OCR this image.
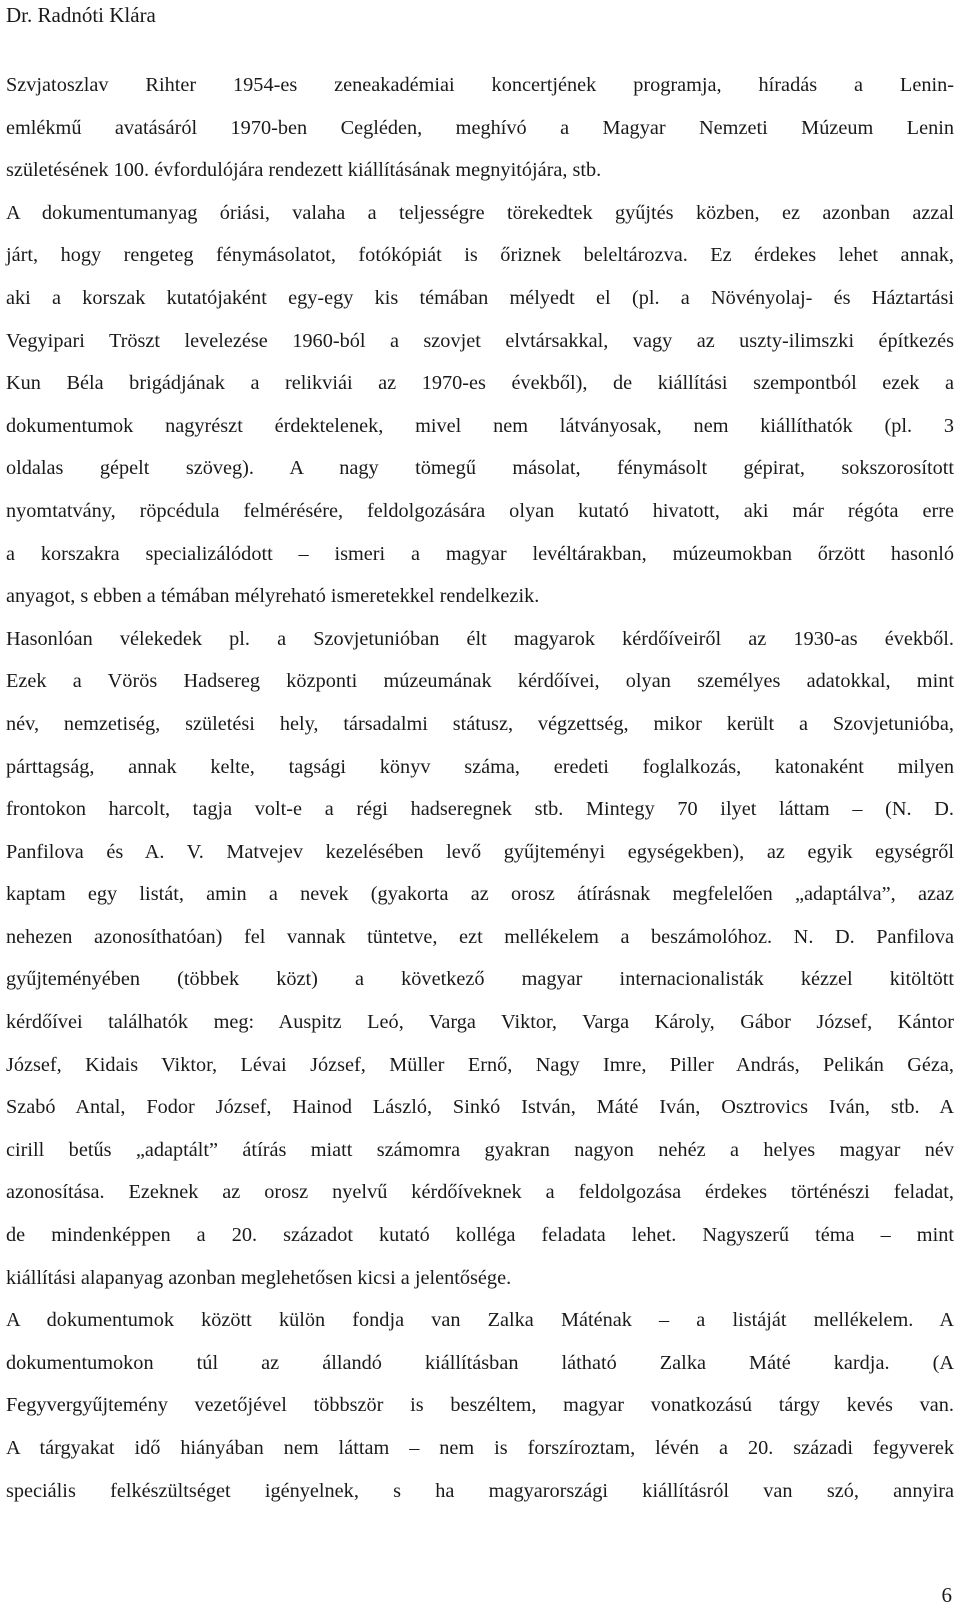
Dr. Radnóti Klára
Szvjatoszlav Rihter 1954-es zeneakadémiai koncertjének programja, híradás a Lenin-
emlékmű avatásáról 1970-ben Cegléden, meghívó a Magyar Nemzeti Múzeum Lenin
születésének 100. évfordulójára rendezett kiállításának megnyitójára, stb.
A dokumentumanyag óriási, valaha a teljességre törekedtek gyűjtés közben, ez azonban azzal
járt, hogy rengeteg fénymásolatot, fotókópiát is őriznek beleltározva. Ez érdekes lehet annak,
aki a korszak kutatójaként egy-egy kis témában mélyedt el (pl. a Növényolaj- és Háztartási
Vegyipari Tröszt levelezése 1960-ból a szovjet elvtársakkal, vagy az uszty-ilimszki építkezés
Kun Béla brigádjának a relikviái az 1970-es évekből), de kiállítási szempontból ezek a
dokumentumok nagyrészt érdektelenek, mivel nem látványosak, nem kiállíthatók (pl. 3
oldalas gépelt szöveg). A nagy tömegű másolat, fénymásolt gépirat, sokszorosított
nyomtatvány, röpcédula felmérésére, feldolgozására olyan kutató hivatott, aki már régóta erre
a korszakra specializálódott – ismeri a magyar levéltárakban, múzeumokban őrzött hasonló
anyagot, s ebben a témában mélyreható ismeretekkel rendelkezik.
Hasonlóan vélekedek pl. a Szovjetunióban élt magyarok kérdőíveiről az 1930-as évekből.
Ezek a Vörös Hadsereg központi múzeumának kérdőívei, olyan személyes adatokkal, mint
név, nemzetiség, születési hely, társadalmi státusz, végzettség, mikor került a Szovjetunióba,
párttagság, annak kelte, tagsági könyv száma, eredeti foglalkozás, katonaként milyen
frontokon harcolt, tagja volt-e a régi hadseregnek stb. Mintegy 70 ilyet láttam – (N. D.
Panfilova és A. V. Matvejev kezelésében levő gyűjteményi egységekben), az egyik egységről
kaptam egy listát, amin a nevek (gyakorta az orosz átírásnak megfelelően „adaptálva”, azaz
nehezen azonosíthatóan) fel vannak tüntetve, ezt mellékelem a beszámolóhoz. N. D. Panfilova
gyűjteményében (többek közt) a következő magyar internacionalisták kézzel kitöltött
kérdőívei találhatók meg: Auspitz Leó, Varga Viktor, Varga Károly, Gábor József, Kántor
József, Kidais Viktor, Lévai József, Müller Ernő, Nagy Imre, Piller András, Pelikán Géza,
Szabó Antal, Fodor József, Hainod László, Sinkó István, Máté Iván, Osztrovics Iván, stb. A
cirill betűs „adaptált” átírás miatt számomra gyakran nagyon nehéz a helyes magyar név
azonosítása. Ezeknek az orosz nyelvű kérdőíveknek a feldolgozása érdekes történészi feladat,
de mindenképpen a 20. századot kutató kolléga feladata lehet. Nagyszerű téma – mint
kiállítási alapanyag azonban meglehetősen kicsi a jelentősége.
A dokumentumok között külön fondja van Zalka Máténak – a listáját mellékelem. A
dokumentumokon túl az állandó kiállításban látható Zalka Máté kardja. (A
Fegyvergyűjtemény vezetőjével többször is beszéltem, magyar vonatkozású tárgy kevés van.
A tárgyakat idő hiányában nem láttam – nem is forszíroztam, lévén a 20. századi fegyverek
speciális felkészültséget igényelnek, s ha magyarországi kiállításról van szó, annyira
6
